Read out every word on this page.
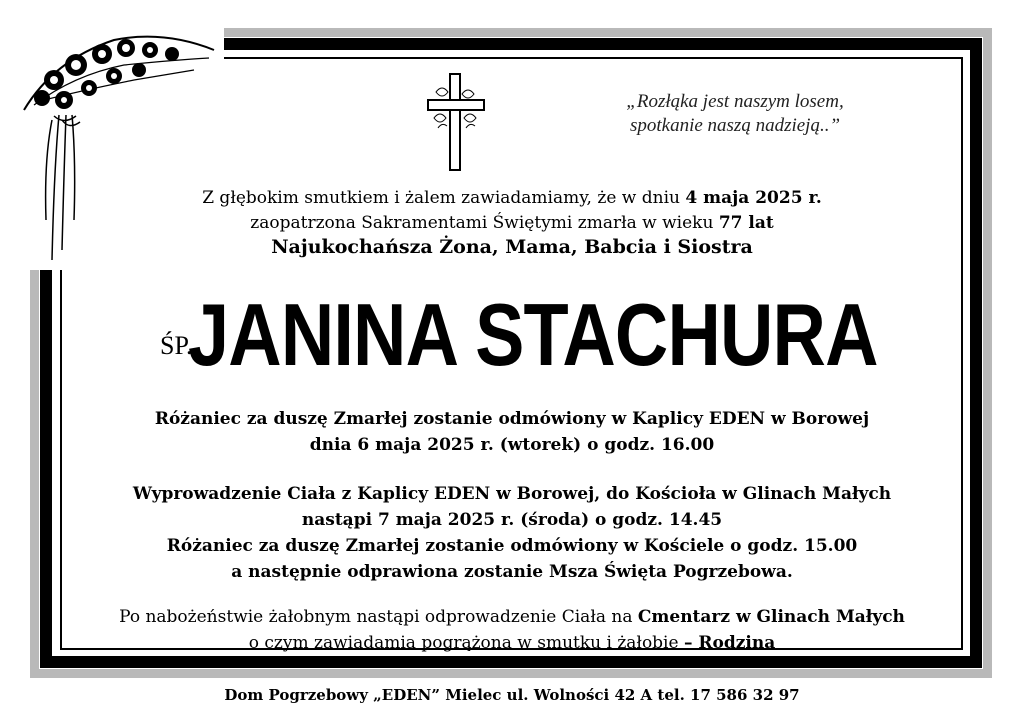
„Rozłąka jest naszym losem,
spotkanie naszą nadzieją..”
Z głębokim smutkiem i żalem zawiadamiamy, że w dniu 4 maja 2025 r.
zaopatrzona Sakramentami Świętymi zmarła w wieku 77 lat
Najukochańsza Żona, Mama, Babcia i Siostra
ŚP.
JANINA STACHURA
Różaniec za duszę Zmarłej zostanie odmówiony w Kaplicy EDEN w Borowej
dnia 6 maja 2025 r. (wtorek) o godz. 16.00
Wyprowadzenie Ciała z Kaplicy EDEN w Borowej, do Kościoła w Glinach Małych
nastąpi 7 maja 2025 r. (środa) o godz. 14.45
Różaniec za duszę Zmarłej zostanie odmówiony w Kościele o godz. 15.00
a następnie odprawiona zostanie Msza Święta Pogrzebowa.
Po nabożeństwie żałobnym nastąpi odprowadzenie Ciała na Cmentarz w Glinach Małych
o czym zawiadamia pogrążona w smutku i żałobie – Rodzina
Dom Pogrzebowy „EDEN” Mielec ul. Wolności 42 A tel. 17 586 32 97
